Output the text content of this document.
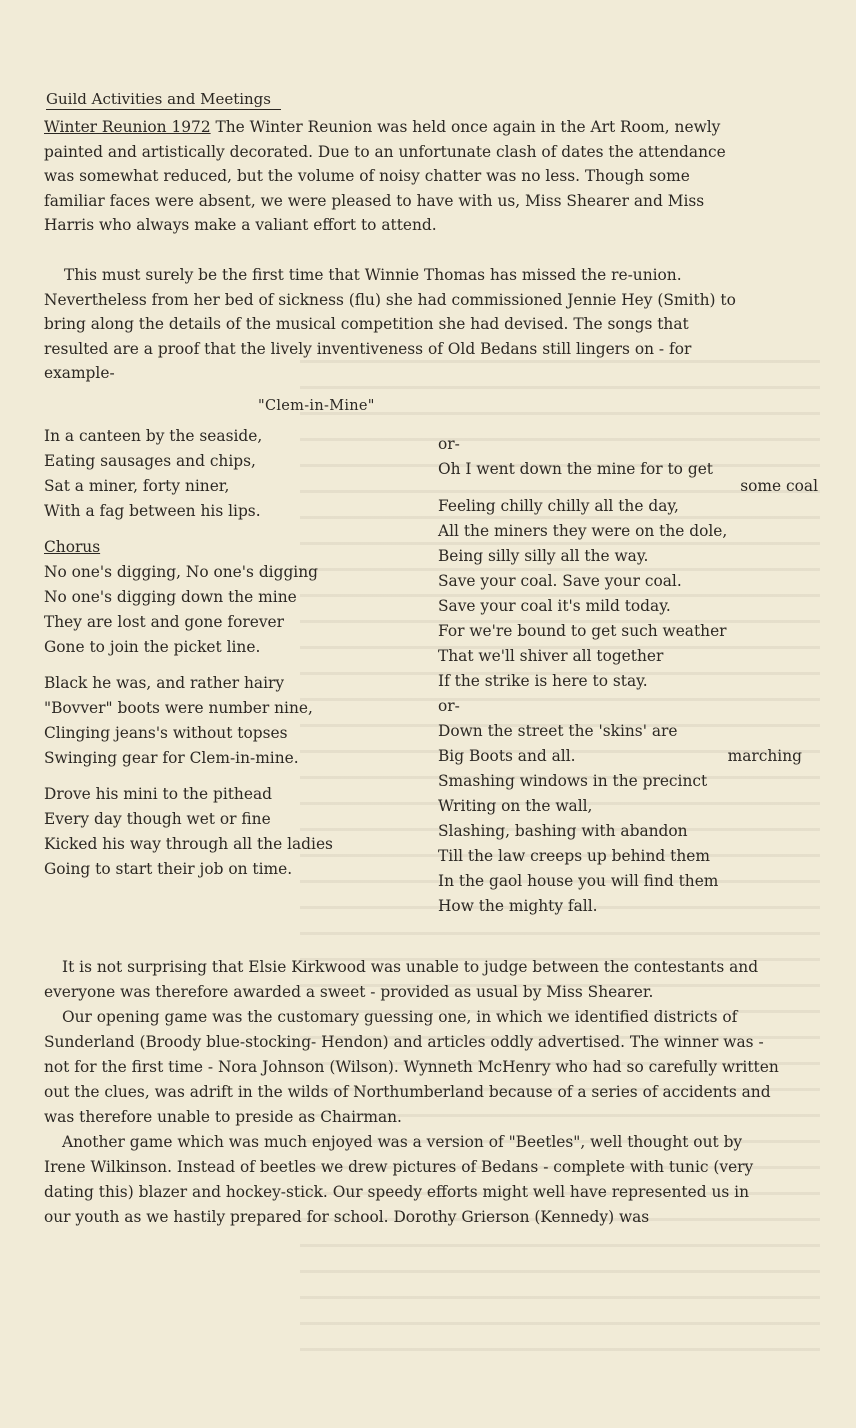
Guild Activities and Meetings
Winter Reunion 1972 The Winter Reunion was held once again in the Art Room, newly painted and artistically decorated. Due to an unfortunate clash of dates the attendance was somewhat reduced, but the volume of noisy chatter was no less. Though some familiar faces were absent, we were pleased to have with us, Miss Shearer and Miss Harris who always make a valiant effort to attend.
This must surely be the first time that Winnie Thomas has missed the re-union. Nevertheless from her bed of sickness (flu) she had commissioned Jennie Hey (Smith) to bring along the details of the musical competition she had devised. The songs that resulted are a proof that the lively inventiveness of Old Bedans still lingers on - for example-
"Clem-in-Mine"
In a canteen by the seaside,
Eating sausages and chips,
Sat a miner, forty niner,
With a fag between his lips.
Chorus
No one's digging, No one's digging
No one's digging down the mine
They are lost and gone forever
Gone to join the picket line.
Black he was, and rather hairy
"Bovver" boots were number nine,
Clinging jeans's without topses
Swinging gear for Clem-in-mine.
Drove his mini to the pithead
Every day though wet or fine
Kicked his way through all the ladies
Going to start their job on time.
or-
Oh I went down the mine for to get
some coal
Feeling chilly chilly all the day,
All the miners they were on the dole,
Being silly silly all the way.
Save your coal. Save your coal.
Save your coal it's mild today.
For we're bound to get such weather
That we'll shiver all together
If the strike is here to stay.
or-
Down the street the 'skins' are
Big Boots and all.	marching
Smashing windows in the precinct
Writing on the wall,
Slashing, bashing with abandon
Till the law creeps up behind them
In the gaol house you will find them
How the mighty fall.

It is not surprising that Elsie Kirkwood was unable to judge between the contestants and everyone was therefore awarded a sweet - provided as usual by Miss Shearer.

Our opening game was the customary guessing one, in which we identified districts of Sunderland (Broody blue-stocking- Hendon) and articles oddly advertised. The winner was - not for the first time - Nora Johnson (Wilson). Wynneth McHenry who had so carefully written out the clues, was adrift in the wilds of Northumberland because of a series of accidents and was therefore unable to preside as Chairman.

Another game which was much enjoyed was a version of "Beetles", well thought out by Irene Wilkinson. Instead of beetles we drew pictures of Bedans - complete with tunic (very dating this) blazer and hockey-stick. Our speedy efforts might well have represented us in our youth as we hastily prepared for school. Dorothy Grierson (Kennedy) was
